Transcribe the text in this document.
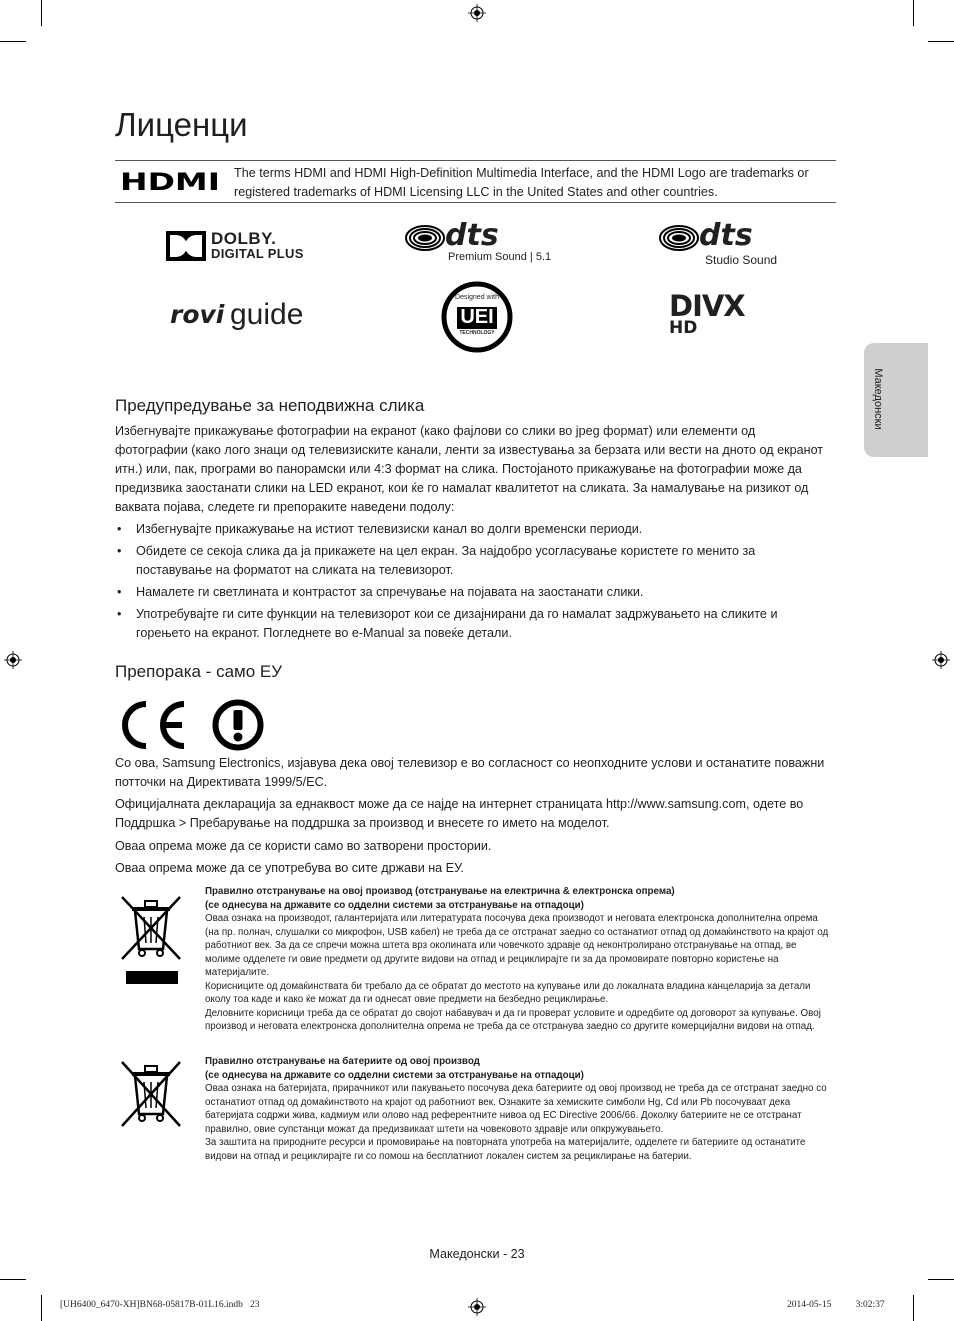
Лиценци
HDMI The terms HDMI and HDMI High-Definition Multimedia Interface, and the HDMI Logo are trademarks or registered trademarks of HDMI Licensing LLC in the United States and other countries.
DOLBY.
DIGITAL PLUS
dts
Premium Sound | 5.1
dts
Studio Sound
rovi guide
Designed with
UEI
TECHNOLOGY
DIVX
HD
Македонски
Предупредување за неподвижна слика
Избегнувајте прикажување фотографии на екранот (како фајлови со слики во jpeg формат) или елементи од фотографии (како лого знаци од телевизиските канали, ленти за известувања за берзата или вести на дното од екранот итн.) или, пак, програми во панорамски или 4:3 формат на слика. Постојаното прикажување на фотографии може да предизвика заостанати слики на LED екранот, кои ќе го намалат квалитетот на сликата. За намалување на ризикот од ваквата појава, следете ги препораките наведени подолу:
• Избегнувајте прикажување на истиот телевизиски канал во долги временски периоди.
• Обидете се секоја слика да ја прикажете на цел екран. За најдобро усогласување користете го менито за поставување на форматот на сликата на телевизорот.
• Намалете ги светлината и контрастот за спречување на појавата на заостанати слики.
• Употребувајте ги сите функции на телевизорот кои се дизајнирани да го намалат задржувањето на сликите и горењето на екранот. Погледнете во e-Manual за повеќе детали.
Препорака - само ЕУ
Со ова, Samsung Electronics, изјавува дека овој телевизор е во согласност со неопходните услови и останатите поважни потточки на Директивата 1999/5/ЕС.
Официјалната декларација за еднаквост може да се најде на интернет страницата http://www.samsung.com, одете во Поддршка > Пребарување на поддршка за производ и внесете го името на моделот.
Оваа опрема може да се користи само во затворени простории.
Оваа опрема може да се употребува во сите држави на ЕУ.
Правилно отстранување на овој производ (отстранување на електрична & електронска опрема)
(се однесува на државите со одделни системи за отстранување на отпадоци)
Оваа ознака на производот, галантеријата или литературата посочува дека производот и неговата електронска дополнителна опрема (на пр. полнач, слушалки со микрофон, USB кабел) не треба да се отстранат заедно со останатиот отпад од домаќинството на крајот од работниот век. За да се спречи можна штета врз околината или човечкото здравје од неконтролирано отстранување на отпад, ве молиме одделете ги овие предмети од другите видови на отпад и рециклирајте ги за да промовирате повторно користење на материјалите.
Корисниците од домаќинствата би требало да се обратат до местото на купување или до локалната владина канцеларија за детали околу тоа каде и како ќе можат да ги однесат овие предмети на безбедно рециклирање.
Деловните корисници треба да се обратат до својот набавувач и да ги проверат условите и одредбите од договорот за купување. Овој производ и неговата електронска дополнителна опрема не треба да се отстранува заедно со другите комерцијални видови на отпад.
Правилно отстранување на батериите од овој производ
(се однесува на државите со одделни системи за отстранување на отпадоци)
Оваа ознака на батеријата, прирачникот или пакувањето посочува дека батериите од овој производ не треба да се отстранат заедно со останатиот отпад од домаќинството на крајот од работниот век. Ознаките за хемиските симболи Hg, Cd или Pb посочуваат дека батеријата содржи жива, кадмиум или олово над референтните нивоа од EC Directive 2006/66. Доколку батериите не се отстранат правилно, овие супстанци можат да предизвикаат штети на човековото здравје или опкружувањето.
За заштита на природните ресурси и промовирање на повторната употреба на материјалите, одделете ги батериите од останатите видови на отпад и рециклирајте ги со помош на бесплатниот локален систем за рециклирање на батерии.
Македонски - 23
[UH6400_6470-XH]BN68-05817B-01L16.indb   23	2014-05-15   ￿￿ 3:02:37
